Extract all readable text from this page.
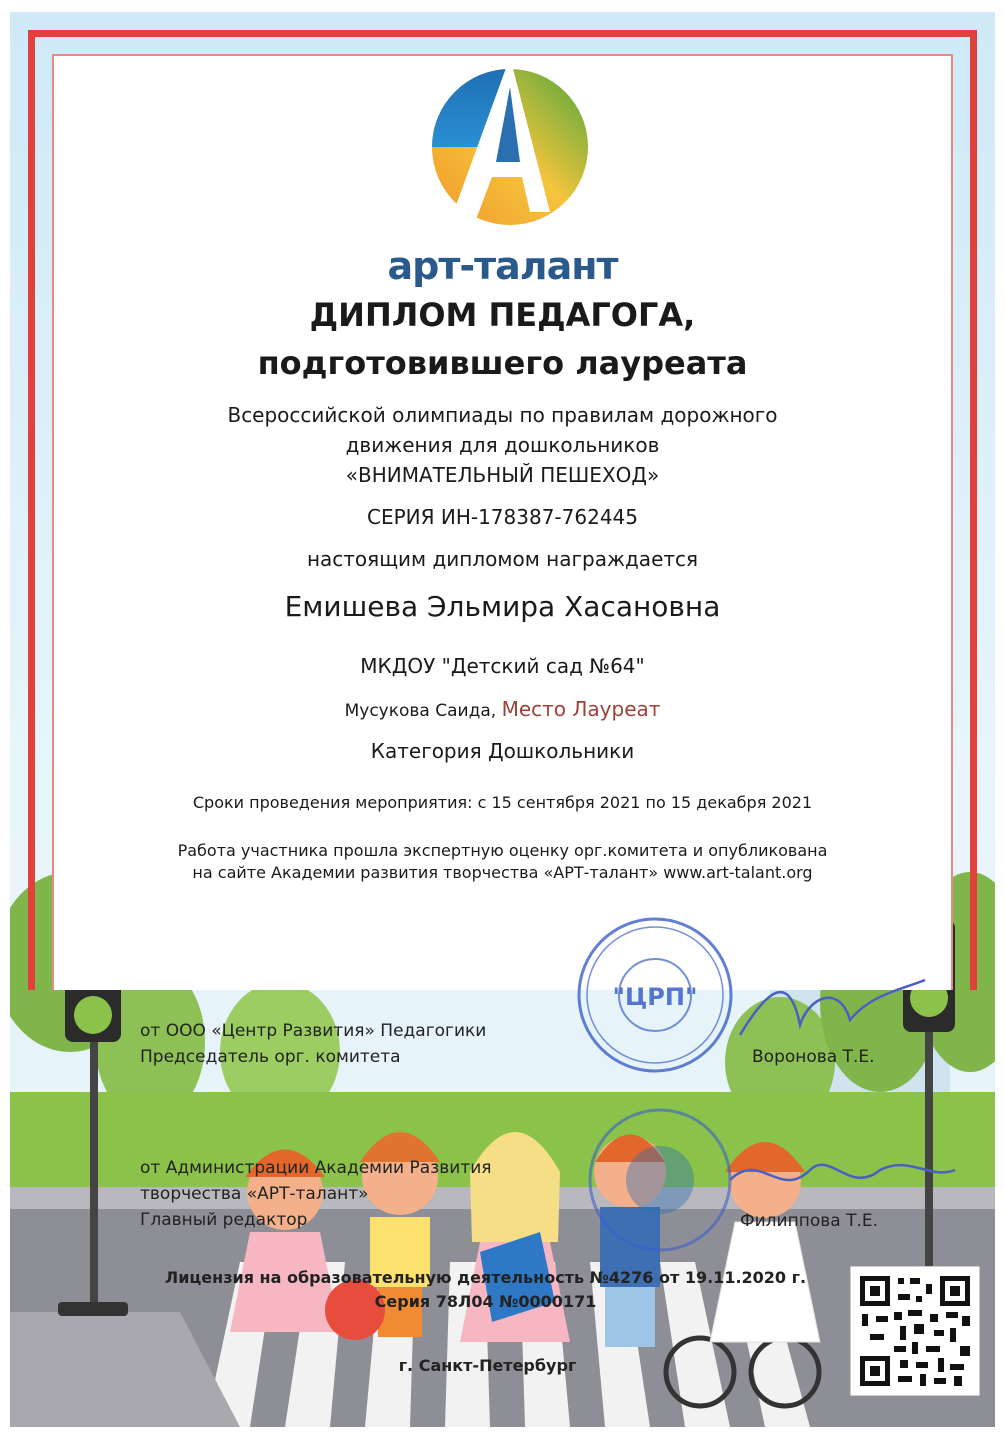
арт-талант
ДИПЛОМ ПЕДАГОГА,
подготовившего лауреата
Всероссийской олимпиады по правилам дорожного
движения для дошкольников
«ВНИМАТЕЛЬНЫЙ ПЕШЕХОД»
СЕРИЯ ИН-178387-762445
настоящим дипломом награждается
Емишева Эльмира Хасановна
МКДОУ "Детский сад №64"
Мусукова Саида, Место Лауреат
Категория Дошкольники
Сроки проведения мероприятия: с 15 сентября 2021 по 15 декабря 2021
Работа участника прошла экспертную оценку орг.комитета и опубликована
на сайте Академии развития творчества «АРТ-талант» www.art-talant.org
"ЦРП"
от ООО «Центр Развития» Педагогики
Председатель орг. комитета	Воронова Т.Е.
от Администрации Академии Развития
творчества «АРТ-талант»
Главный редактор	Филиппова Т.Е.
Лицензия на образовательную деятельность №4276 от 19.11.2020 г.
Серия 78Л04 №0000171
г. Санкт-Петербург
